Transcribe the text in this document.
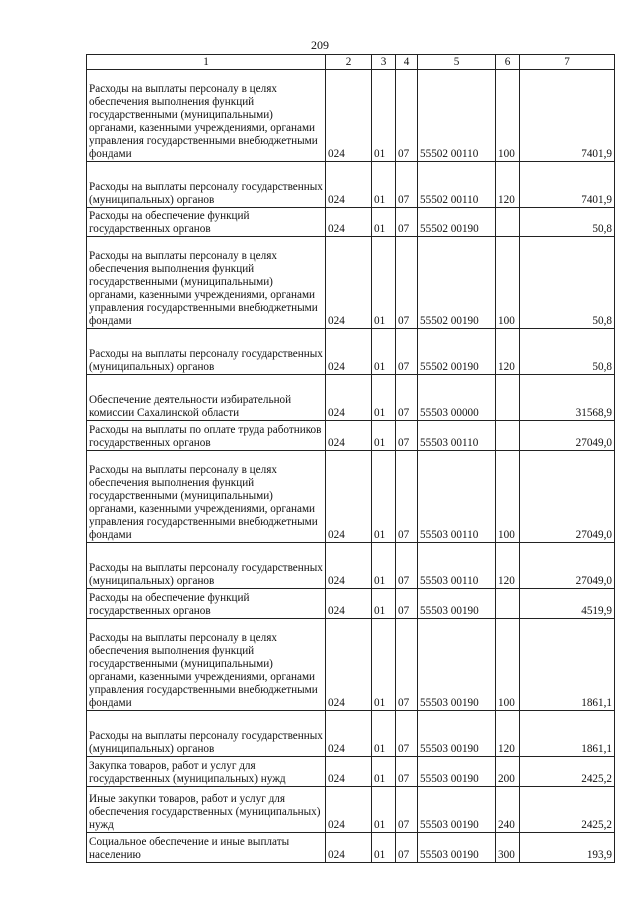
209
1	2	3	4	5	6	7
Расходы на выплаты персоналу в целях обеспечения выполнения функций государственными (муниципальными) органами, казенными учреждениями, органами управления государственными внебюджетными фондами	024	01	07	55502 00110	100	7401,9
Расходы на выплаты персоналу государственных (муниципальных) органов	024	01	07	55502 00110	120	7401,9
Расходы на обеспечение функций государственных органов	024	01	07	55502 00190		50,8
Расходы на выплаты персоналу в целях обеспечения выполнения функций государственными (муниципальными) органами, казенными учреждениями, органами управления государственными внебюджетными фондами	024	01	07	55502 00190	100	50,8
Расходы на выплаты персоналу государственных (муниципальных) органов	024	01	07	55502 00190	120	50,8
Обеспечение деятельности избирательной комиссии Сахалинской области	024	01	07	55503 00000		31568,9
Расходы на выплаты по оплате труда работников государственных органов	024	01	07	55503 00110		27049,0
Расходы на выплаты персоналу в целях обеспечения выполнения функций государственными (муниципальными) органами, казенными учреждениями, органами управления государственными внебюджетными фондами	024	01	07	55503 00110	100	27049,0
Расходы на выплаты персоналу государственных (муниципальных) органов	024	01	07	55503 00110	120	27049,0
Расходы на обеспечение функций государственных органов	024	01	07	55503 00190		4519,9
Расходы на выплаты персоналу в целях обеспечения выполнения функций государственными (муниципальными) органами, казенными учреждениями, органами управления государственными внебюджетными фондами	024	01	07	55503 00190	100	1861,1
Расходы на выплаты персоналу государственных (муниципальных) органов	024	01	07	55503 00190	120	1861,1
Закупка товаров, работ и услуг для государственных (муниципальных) нужд	024	01	07	55503 00190	200	2425,2
Иные закупки товаров, работ и услуг для обеспечения государственных (муниципальных) нужд	024	01	07	55503 00190	240	2425,2
Социальное обеспечение и иные выплаты населению	024	01	07	55503 00190	300	193,9
